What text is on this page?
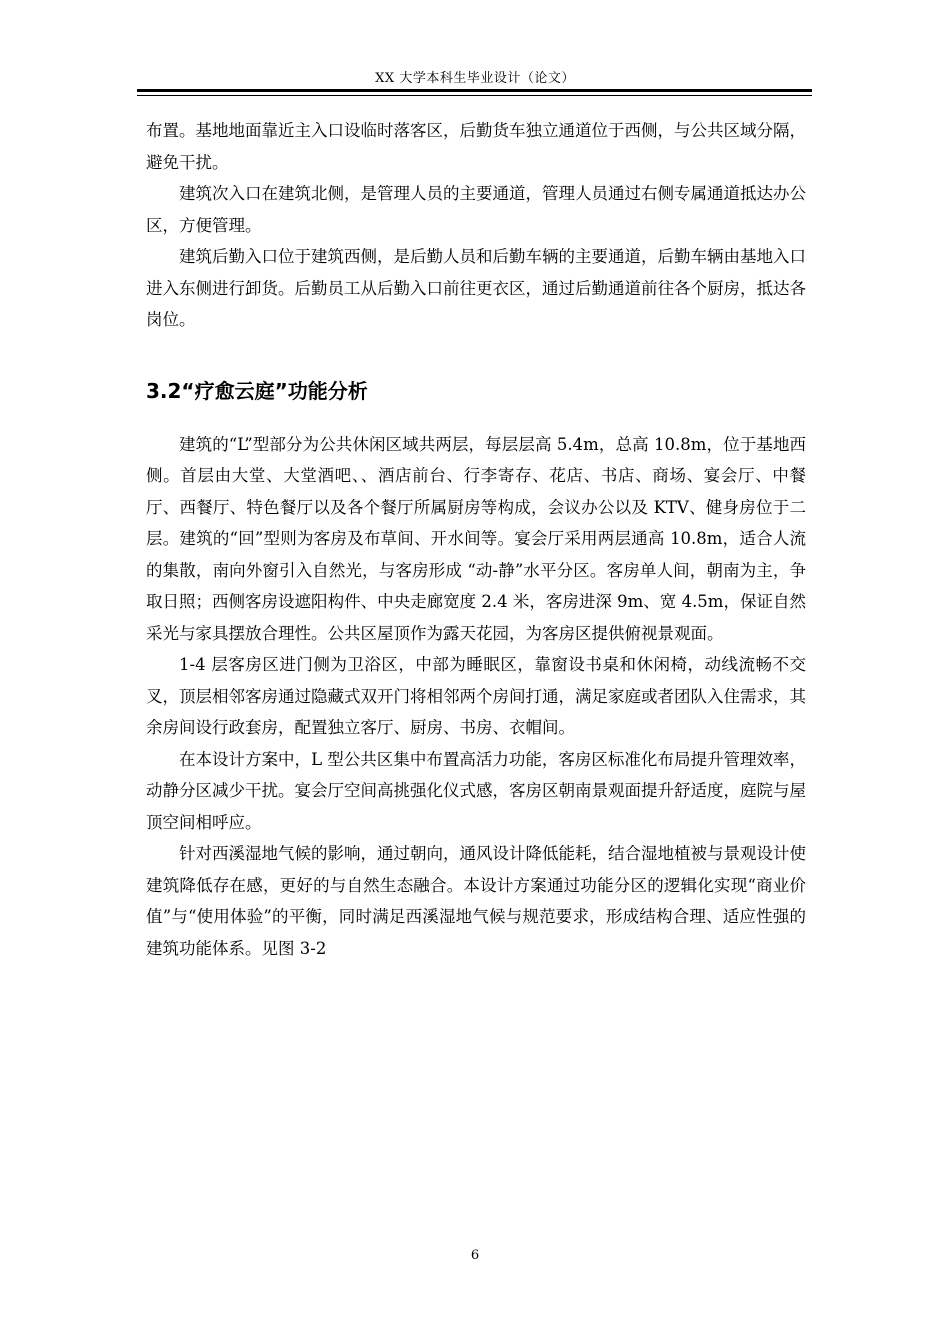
XX 大学本科生毕业设计（论文）

布置。基地地面靠近主入口设临时落客区，后勤货车独立通道位于西侧，与公共区域分隔，避免干扰。

建筑次入口在建筑北侧，是管理人员的主要通道，管理人员通过右侧专属通道抵达办公区，方便管理。

建筑后勤入口位于建筑西侧，是后勤人员和后勤车辆的主要通道，后勤车辆由基地入口进入东侧进行卸货。后勤员工从后勤入口前往更衣区，通过后勤通道前往各个厨房，抵达各岗位。

3.2“疗愈云庭”功能分析

建筑的“L”型部分为公共休闲区域共两层，每层层高 5.4m，总高 10.8m，位于基地西侧。首层由大堂、大堂酒吧、、酒店前台、行李寄存、花店、书店、商场、宴会厅、中餐厅、西餐厅、特色餐厅以及各个餐厅所属厨房等构成，会议办公以及 KTV、健身房位于二层。建筑的“回”型则为客房及布草间、开水间等。宴会厅采用两层通高 10.8m，适合人流的集散，南向外窗引入自然光，与客房形成 “动-静”水平分区。客房单人间，朝南为主，争取日照；西侧客房设遮阳构件、中央走廊宽度 2.4 米，客房进深 9m、宽 4.5m，保证自然采光与家具摆放合理性。公共区屋顶作为露天花园，为客房区提供俯视景观面。

1-4 层客房区进门侧为卫浴区，中部为睡眠区，靠窗设书桌和休闲椅，动线流畅不交叉，顶层相邻客房通过隐藏式双开门将相邻两个房间打通，满足家庭或者团队入住需求，其余房间设行政套房，配置独立客厅、厨房、书房、衣帽间。

在本设计方案中，L 型公共区集中布置高活力功能，客房区标准化布局提升管理效率，动静分区减少干扰。宴会厅空间高挑强化仪式感，客房区朝南景观面提升舒适度，庭院与屋顶空间相呼应。

针对西溪湿地气候的影响，通过朝向，通风设计降低能耗，结合湿地植被与景观设计使建筑降低存在感，更好的与自然生态融合。本设计方案通过功能分区的逻辑化实现“商业价值”与“使用体验”的平衡，同时满足西溪湿地气候与规范要求，形成结构合理、适应性强的建筑功能体系。见图 3-2

6
